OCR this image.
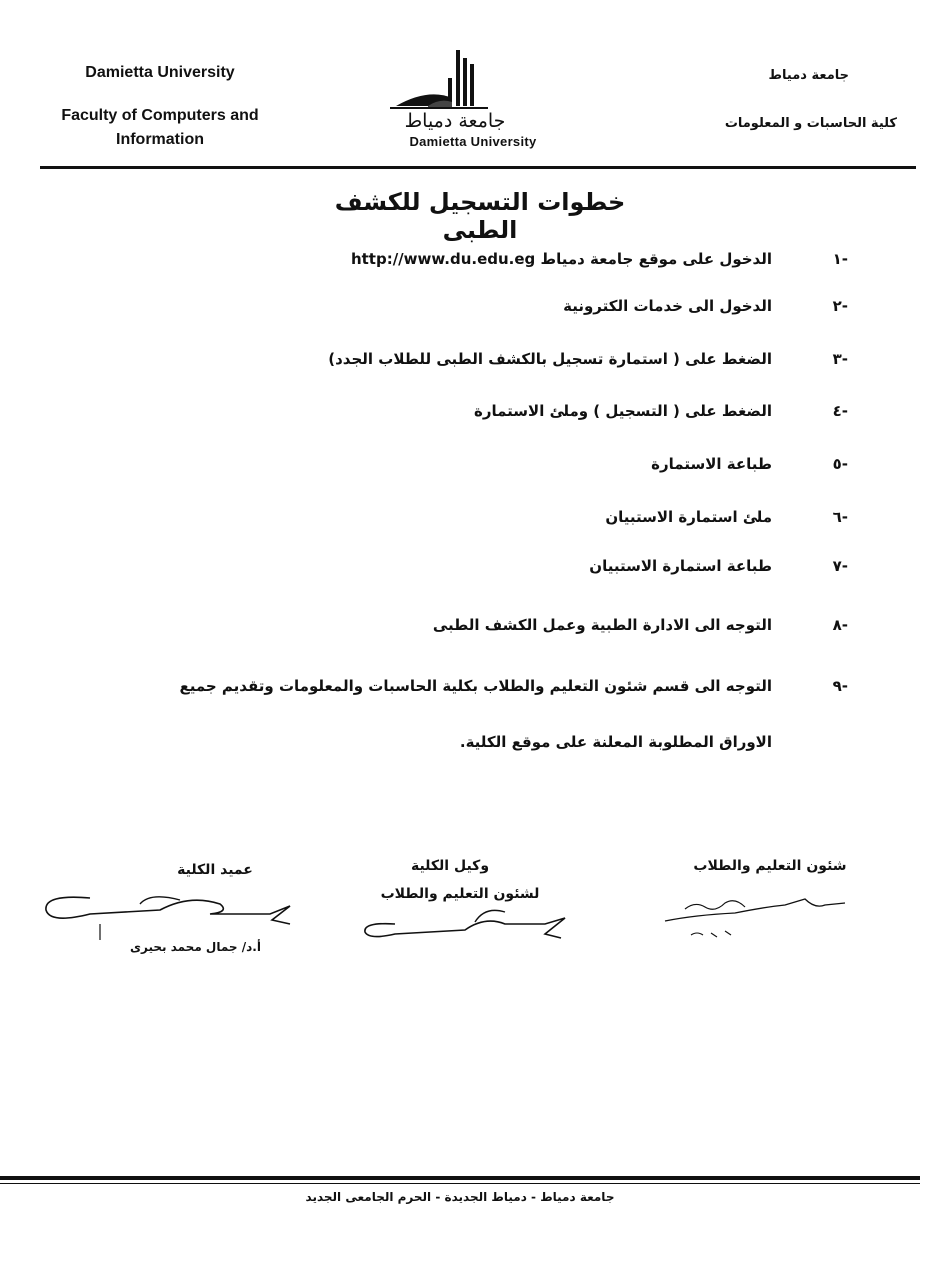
Damietta University
Faculty of Computers and Information
جامعة دمياط
كلية الحاسبات و المعلومات
جامعة دمياط
Damietta University
خطوات التسجيل للكشف الطبى
-١
الدخول على موقع جامعة دمياط http://www.du.edu.eg
-٢
الدخول الى خدمات الكترونية
-٣
الضغط على ( استمارة تسجيل بالكشف الطبى للطلاب الجدد)
-٤
الضغط على ( التسجيل ) وملئ الاستمارة
-٥
طباعة الاستمارة
-٦
ملئ استمارة الاستبيان
-٧
طباعة استمارة الاستبيان
-٨
التوجه الى الادارة الطبية وعمل الكشف الطبى
-٩
التوجه الى قسم شئون التعليم والطلاب بكلية الحاسبات والمعلومات وتقديم جميع الاوراق المطلوبة المعلنة على موقع الكلية.
عميد الكلية
أ.د/ جمال محمد بحيرى
وكيل الكلية
لشئون التعليم والطلاب
شئون التعليم والطلاب
جامعة دمياط - دمياط الجديدة - الحرم الجامعى الجديد
